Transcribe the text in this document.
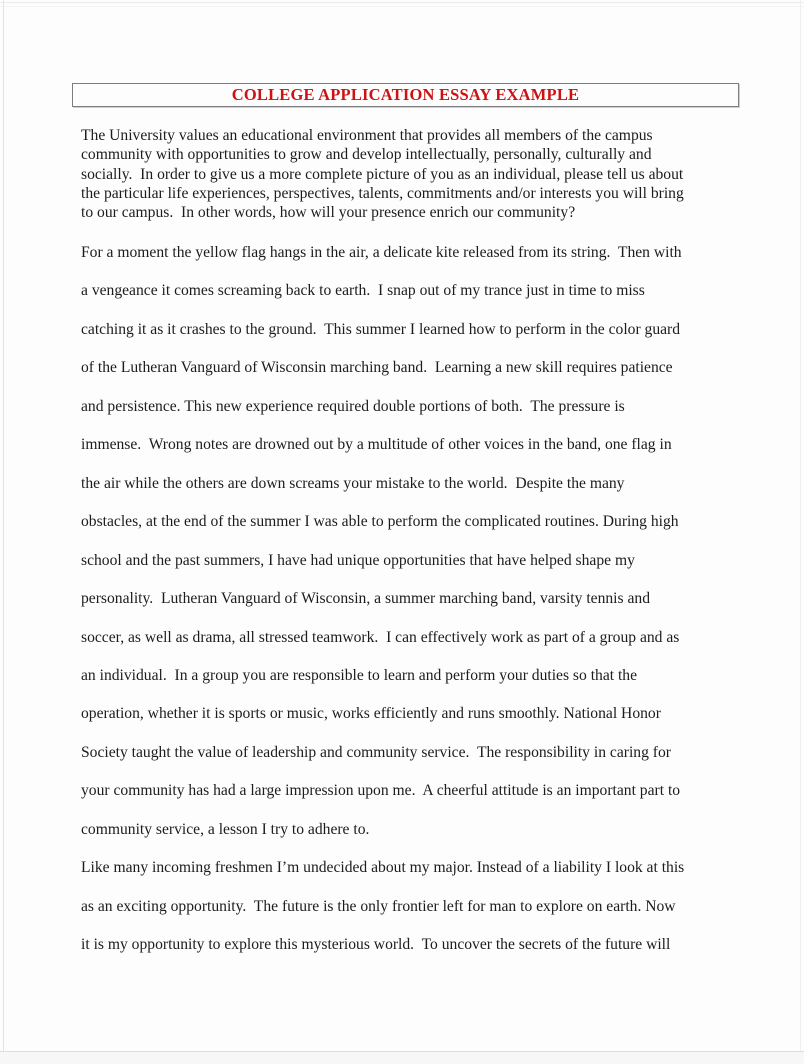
COLLEGE APPLICATION ESSAY EXAMPLE
The University values an educational environment that provides all members of the campus
community with opportunities to grow and develop intellectually, personally, culturally and
socially.  In order to give us a more complete picture of you as an individual, please tell us about
the particular life experiences, perspectives, talents, commitments and/or interests you will bring
to our campus.  In other words, how will your presence enrich our community?
For a moment the yellow flag hangs in the air, a delicate kite released from its string.  Then with
a vengeance it comes screaming back to earth.  I snap out of my trance just in time to miss
catching it as it crashes to the ground.  This summer I learned how to perform in the color guard
of the Lutheran Vanguard of Wisconsin marching band.  Learning a new skill requires patience
and persistence. This new experience required double portions of both.  The pressure is
immense.  Wrong notes are drowned out by a multitude of other voices in the band, one flag in
the air while the others are down screams your mistake to the world.  Despite the many
obstacles, at the end of the summer I was able to perform the complicated routines. During high
school and the past summers, I have had unique opportunities that have helped shape my
personality.  Lutheran Vanguard of Wisconsin, a summer marching band, varsity tennis and
soccer, as well as drama, all stressed teamwork.  I can effectively work as part of a group and as
an individual.  In a group you are responsible to learn and perform your duties so that the
operation, whether it is sports or music, works efficiently and runs smoothly. National Honor
Society taught the value of leadership and community service.  The responsibility in caring for
your community has had a large impression upon me.  A cheerful attitude is an important part to
community service, a lesson I try to adhere to.
Like many incoming freshmen I’m undecided about my major. Instead of a liability I look at this
as an exciting opportunity.  The future is the only frontier left for man to explore on earth. Now
it is my opportunity to explore this mysterious world.  To uncover the secrets of the future will
